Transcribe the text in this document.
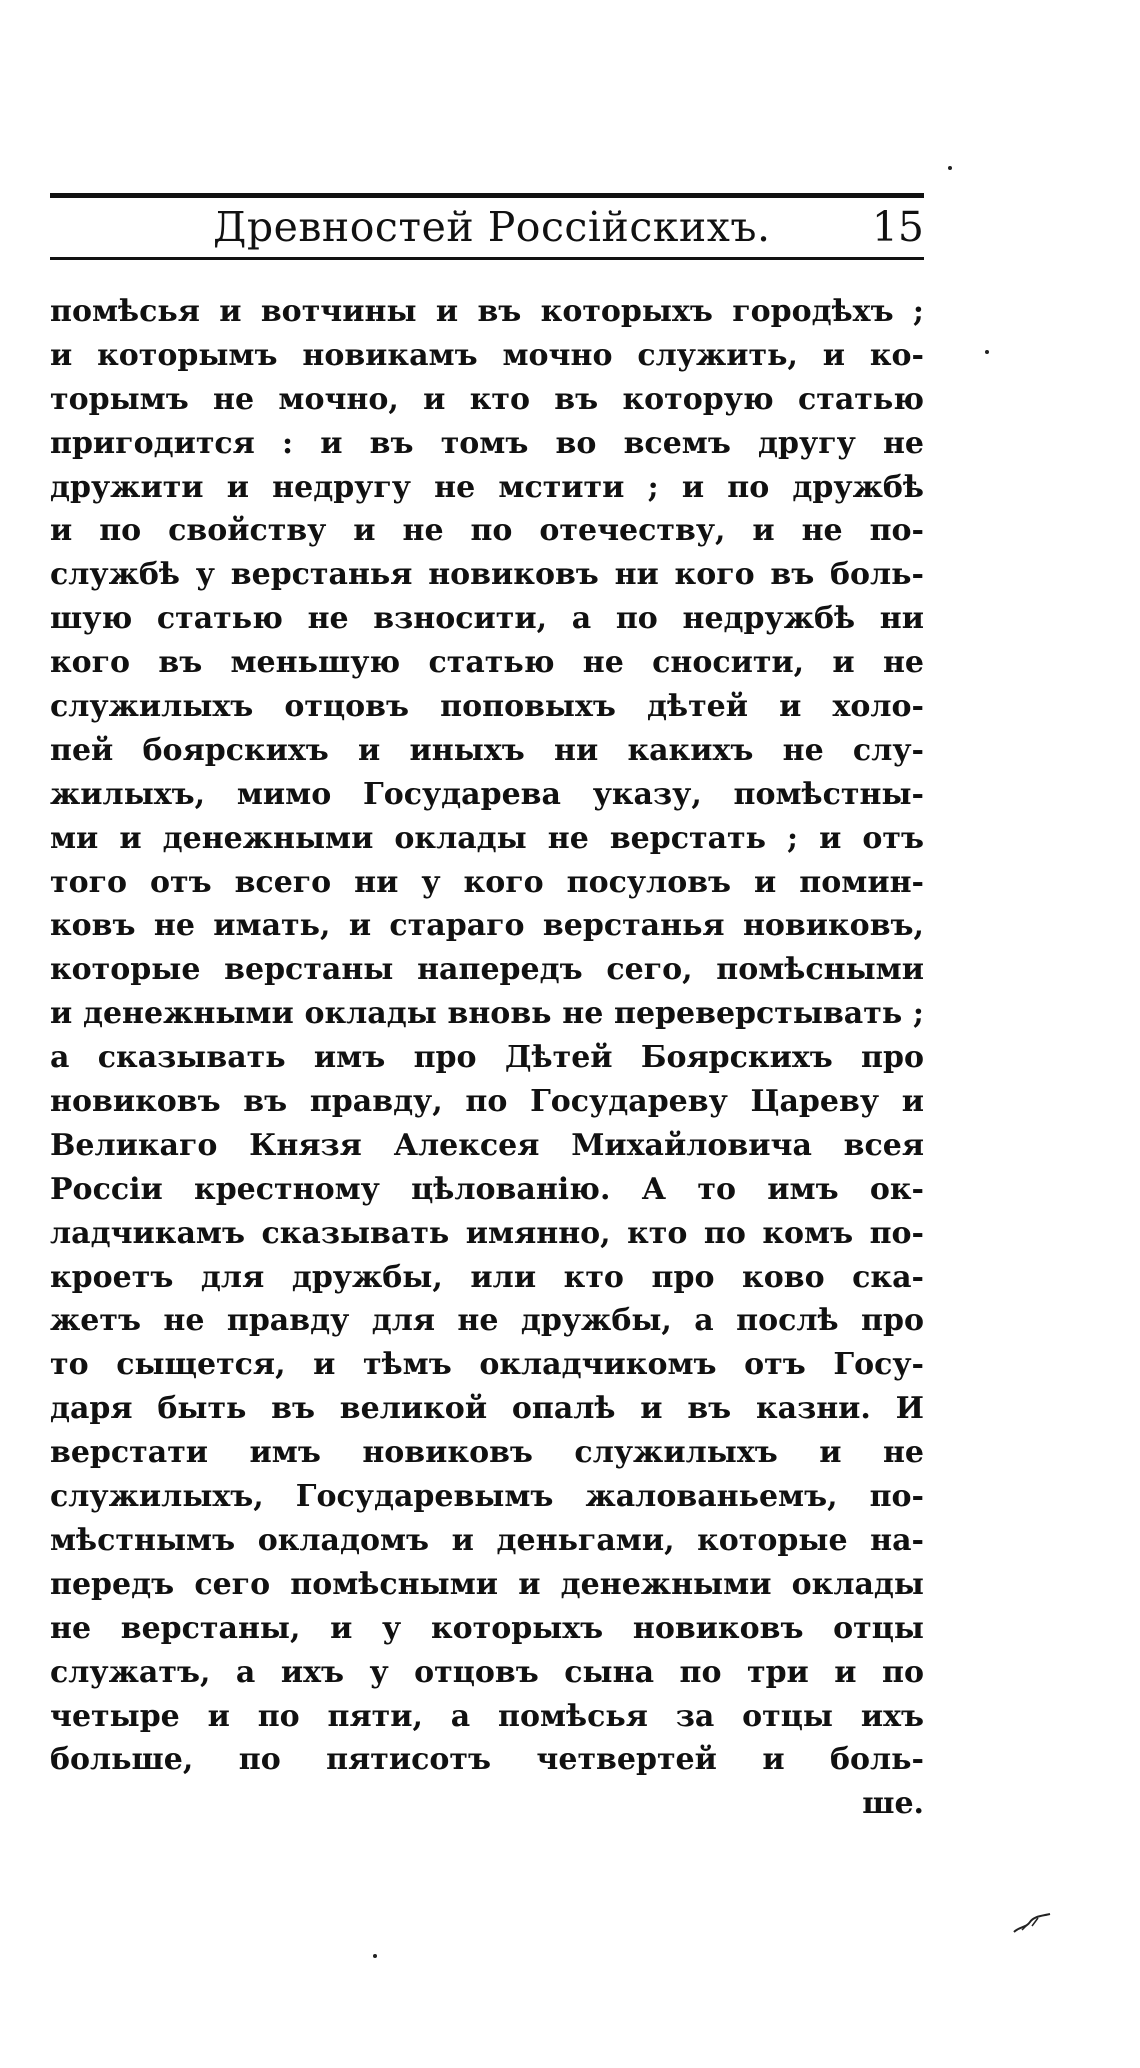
Древностей Россійскихъ. 15
помѣсья и вотчины и въ которыхъ городѣхъ ;
и которымъ новикамъ мочно служить, и ко-
торымъ не мочно, и кто въ которую статью
пригодится : и въ томъ во всемъ другу не
дружити и недругу не мстити ; и по дружбѣ
и по свойству и не по отечеству, и не по-
службѣ у верстанья новиковъ ни кого въ боль-
шую статью не взносити, а по недружбѣ ни
кого въ меньшую статью не сносити, и не
служилыхъ отцовъ поповыхъ дѣтей и холо-
пей боярскихъ и иныхъ ни какихъ не слу-
жилыхъ, мимо Государева указу, помѣстны-
ми и денежными оклады не верстать ; и отъ
того отъ всего ни у кого посуловъ и помин-
ковъ не имать, и стараго верстанья новиковъ,
которые верстаны напередъ сего, помѣсными
и денежными оклады вновь не переверстывать ;
а сказывать имъ про Дѣтей Боярскихъ про
новиковъ въ правду, по Государеву Цареву и
Великаго Князя Алексея Михайловича всея
Россіи крестному цѣлованію. А то имъ ок-
ладчикамъ сказывать имянно, кто по комъ по-
кроетъ для дружбы, или кто про ково ска-
жетъ не правду для не дружбы, а послѣ про
то сыщется, и тѣмъ окладчикомъ отъ Госу-
даря быть въ великой опалѣ и въ казни. И
верстати имъ новиковъ служилыхъ и не
служилыхъ, Государевымъ жалованьемъ, по-
мѣстнымъ окладомъ и деньгами, которые на-
передъ сего помѣсными и денежными оклады
не верстаны, и у которыхъ новиковъ отцы
служатъ, а ихъ у отцовъ сына по три и по
четыре и по пяти, а помѣсья за отцы ихъ
больше, по пятисотъ четвертей и боль-
ше.
